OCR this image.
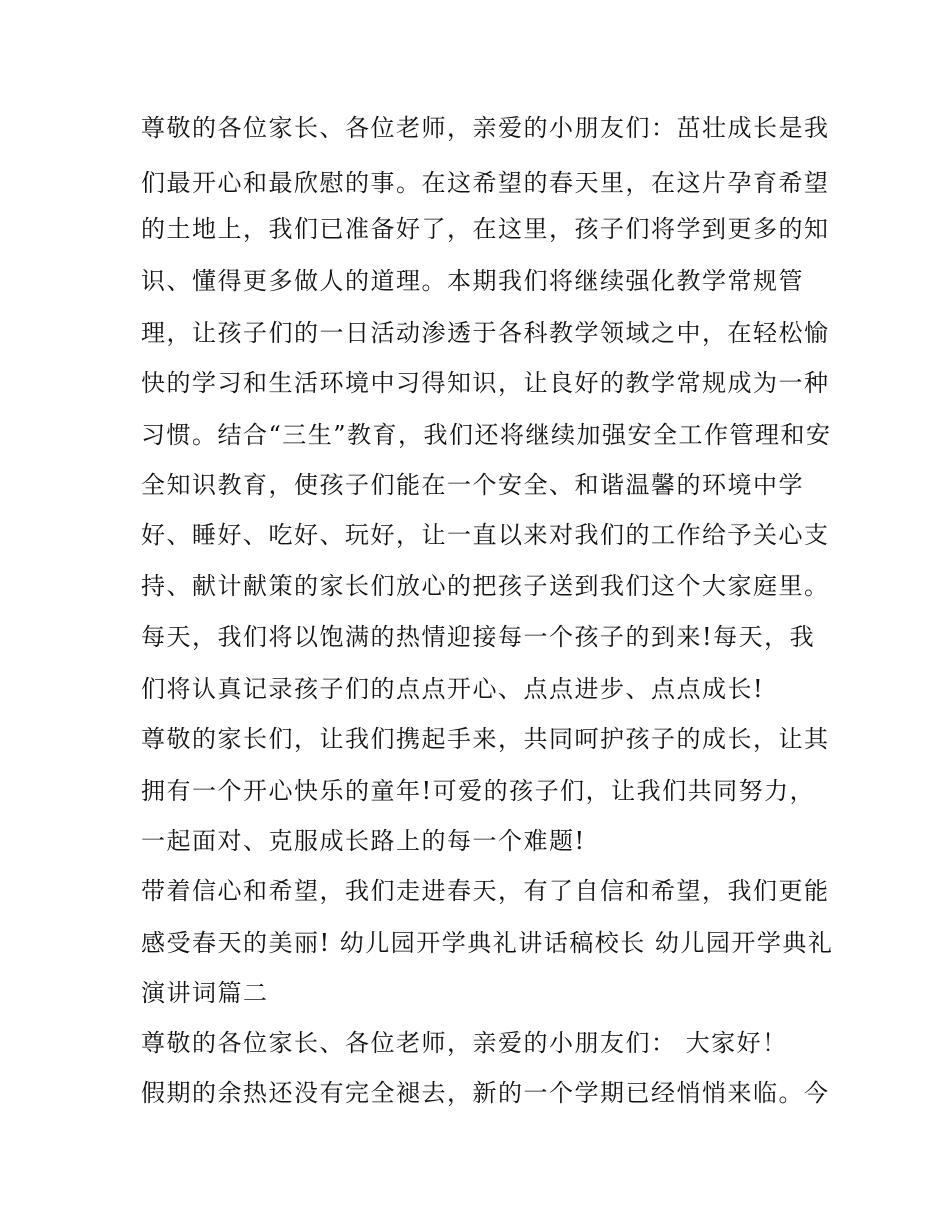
尊敬的各位家长、各位老师，亲爱的小朋友们：茁壮成长是我
们最开心和最欣慰的事。在这希望的春天里，在这片孕育希望
的土地上，我们已准备好了，在这里，孩子们将学到更多的知
识、懂得更多做人的道理。本期我们将继续强化教学常规管
理，让孩子们的一日活动渗透于各科教学领域之中，在轻松愉
快的学习和生活环境中习得知识，让良好的教学常规成为一种
习惯。结合“三生”教育，我们还将继续加强安全工作管理和安
全知识教育，使孩子们能在一个安全、和谐温馨的环境中学
好、睡好、吃好、玩好，让一直以来对我们的工作给予关心支
持、献计献策的家长们放心的把孩子送到我们这个大家庭里。
每天，我们将以饱满的热情迎接每一个孩子的到来!每天，我
们将认真记录孩子们的点点开心、点点进步、点点成长!
尊敬的家长们，让我们携起手来，共同呵护孩子的成长，让其
拥有一个开心快乐的童年!可爱的孩子们，让我们共同努力，
一起面对、克服成长路上的每一个难题!
带着信心和希望，我们走进春天，有了自信和希望，我们更能
感受春天的美丽! 幼儿园开学典礼讲话稿校长 幼儿园开学典礼
演讲词篇二
尊敬的各位家长、各位老师，亲爱的小朋友们： 大家好！
假期的余热还没有完全褪去，新的一个学期已经悄悄来临。今
